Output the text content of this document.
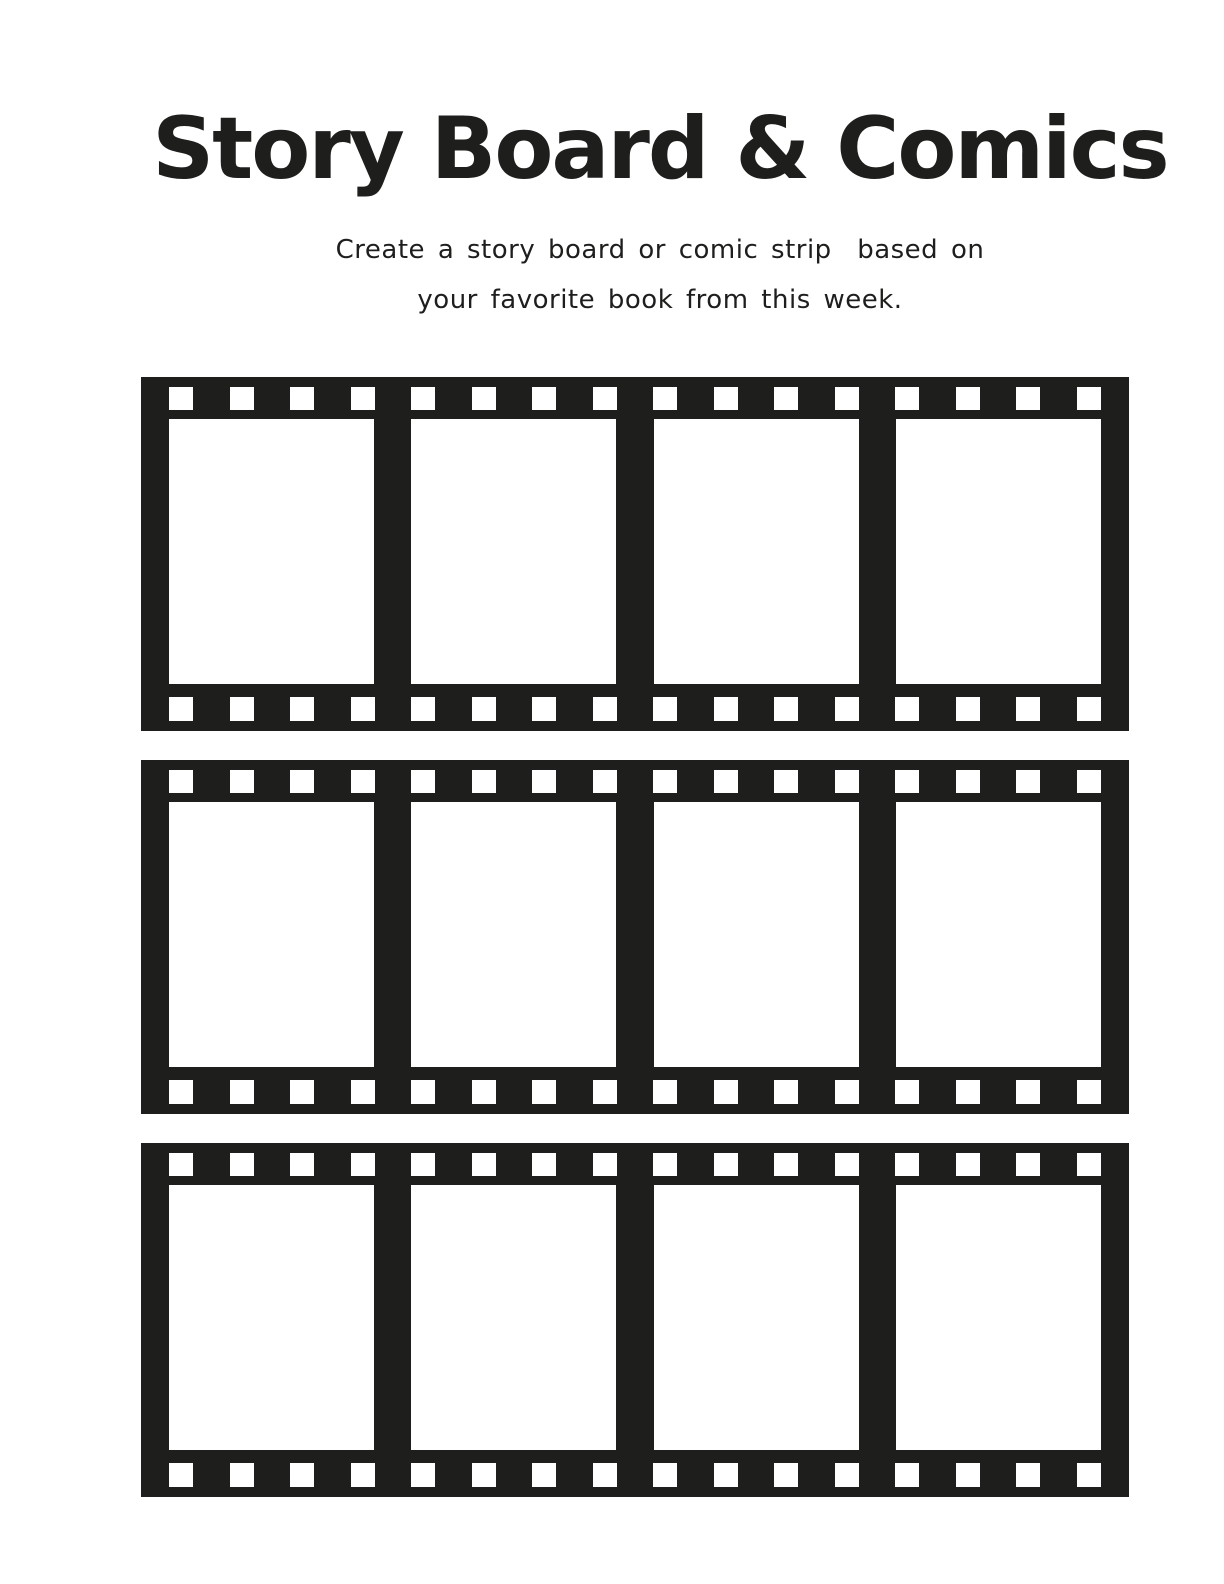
Story Board & Comics

Create a story board or comic strip  based on

your favorite book from this week.
